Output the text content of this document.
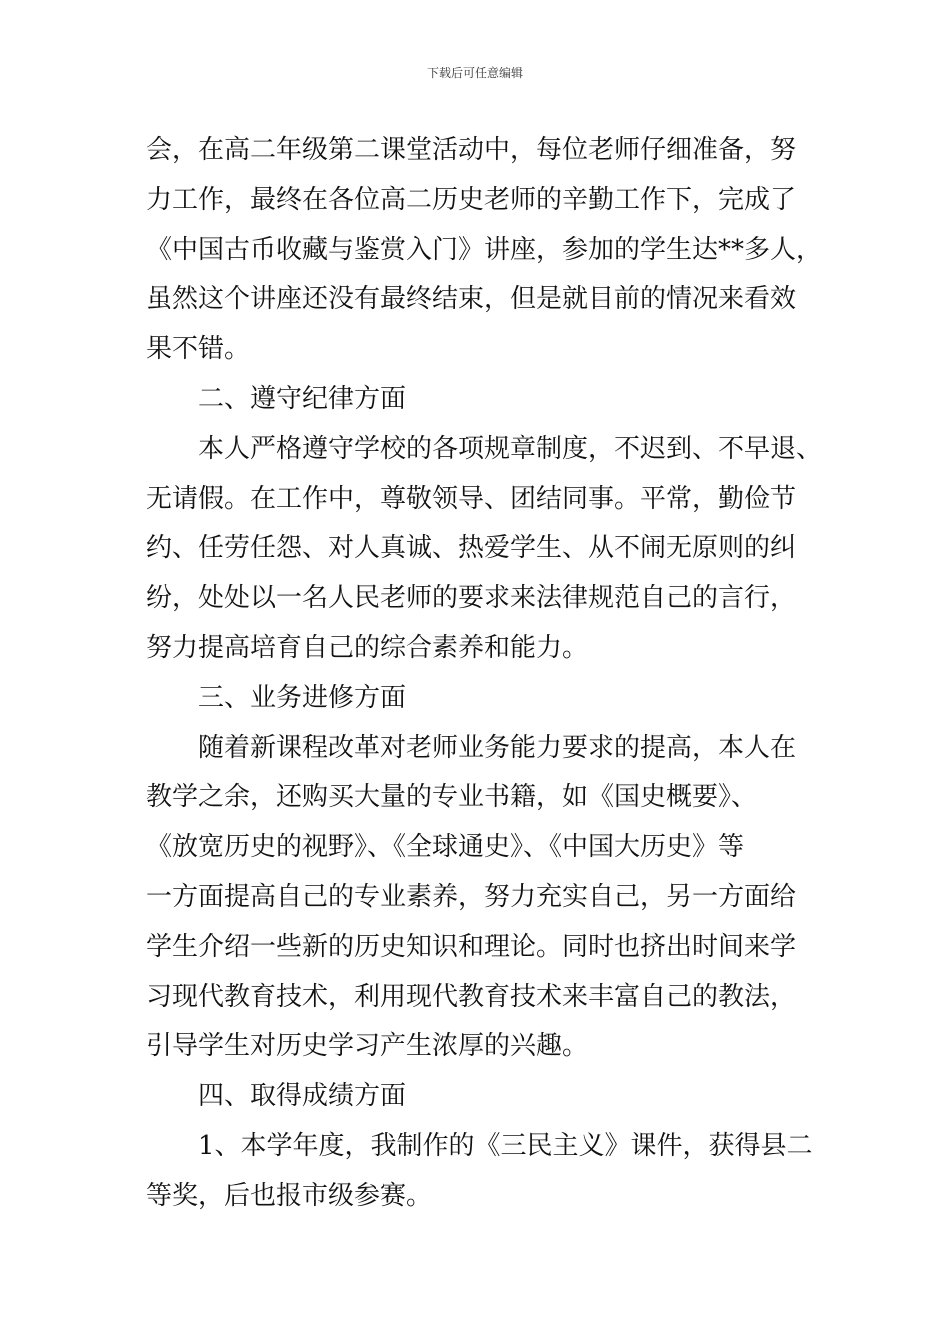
下载后可任意编辑
会，在高二年级第二课堂活动中，每位老师仔细准备，努
力工作，最终在各位高二历史老师的辛勤工作下，完成了
《中国古币收藏与鉴赏入门》讲座，参加的学生达**多人，
虽然这个讲座还没有最终结束，但是就目前的情况来看效
果不错。
二、遵守纪律方面
本人严格遵守学校的各项规章制度，不迟到、不早退、
无请假。在工作中，尊敬领导、团结同事。平常，勤俭节
约、任劳任怨、对人真诚、热爱学生、从不闹无原则的纠
纷，处处以一名人民老师的要求来法律规范自己的言行，
努力提高培育自己的综合素养和能力。
三、业务进修方面
随着新课程改革对老师业务能力要求的提高，本人在
教学之余，还购买大量的专业书籍，如《国史概要》、
《放宽历史的视野》、《全球通史》、《中国大历史》等
一方面提高自己的专业素养，努力充实自己，另一方面给
学生介绍一些新的历史知识和理论。同时也挤出时间来学
习现代教育技术，利用现代教育技术来丰富自己的教法，
引导学生对历史学习产生浓厚的兴趣。
四、取得成绩方面
1、本学年度，我制作的《三民主义》课件，获得县二
等奖，后也报市级参赛。
